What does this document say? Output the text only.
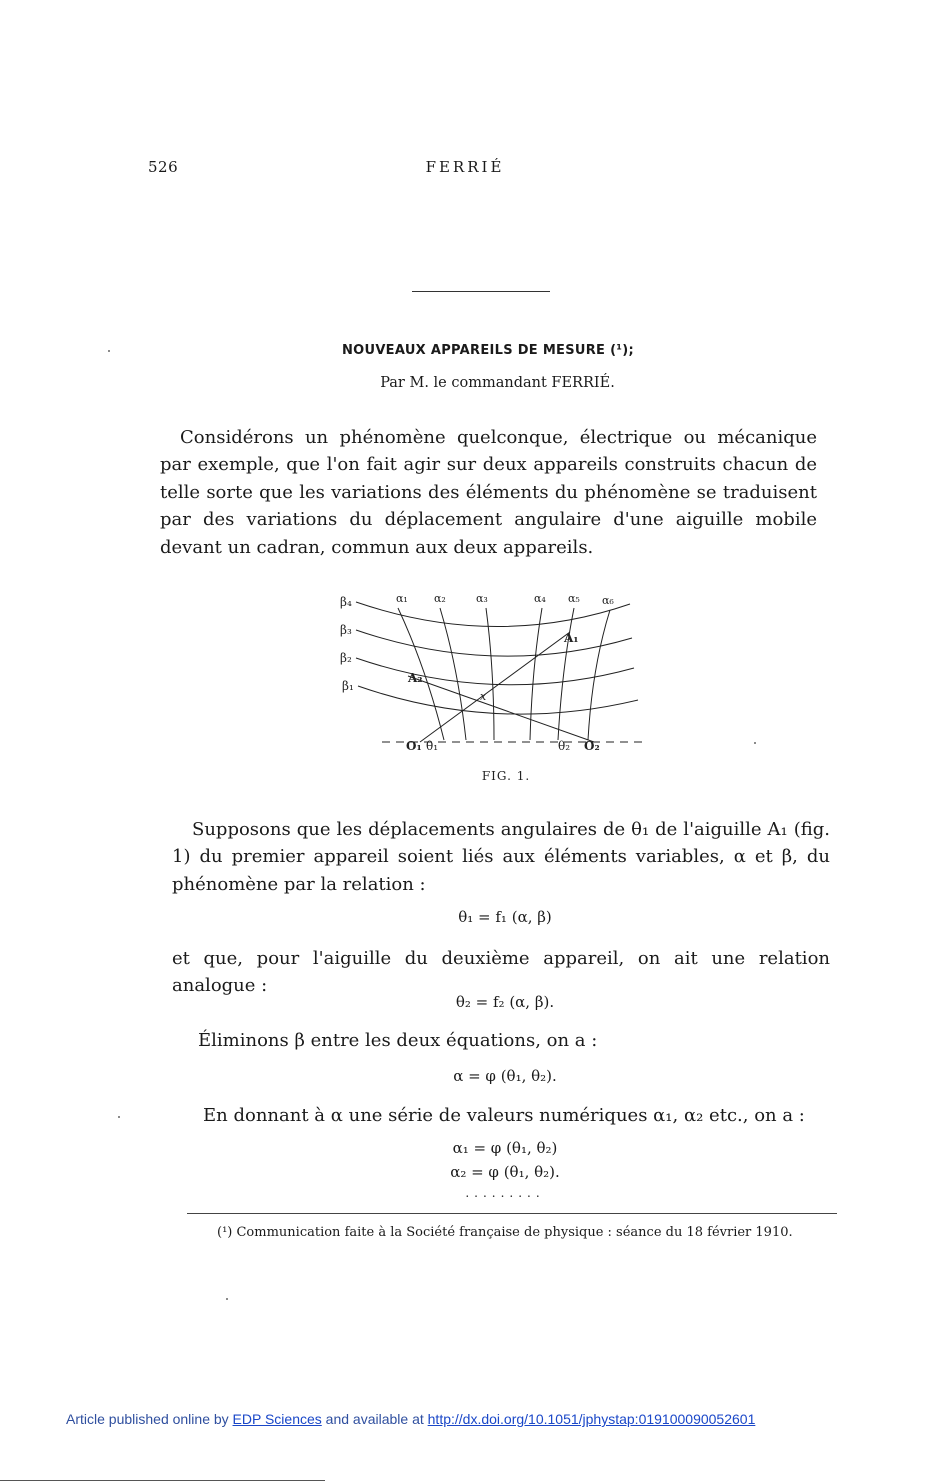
526	FERRIÉ
NOUVEAUX APPAREILS DE MESURE (¹);
Par M. le commandant FERRIÉ.

Considérons un phénomène quelconque, électrique ou mécanique par exemple, que l'on fait agir sur deux appareils construits chacun de telle sorte que les variations des éléments du phénomène se traduisent par des variations du déplacement angulaire d'une aiguille mobile devant un cadran, commun aux deux appareils.

β₄
β₃
β₂
β₁
α₁ α₂	α₃	α₄ α₅ α₆
A₁
A₂
x
O₁ θ₁	θ₂ O₂
FIG. 1.

Supposons que les déplacements angulaires de θ₁ de l'aiguille A₁ (fig. 1) du premier appareil soient liés aux éléments variables, α et β, du phénomène par la relation :

θ₁ = f₁ (α, β)

et que, pour l'aiguille du deuxième appareil, on ait une relation analogue :

θ₂ = f₂ (α, β).

Éliminons β entre les deux équations, on a :

α = φ (θ₁, θ₂).

En donnant à α une série de valeurs numériques α₁, α₂ etc., on a :

α₁ = φ (θ₁, θ₂)
α₂ = φ (θ₁, θ₂).
.........
(¹) Communication faite à la Société française de physique : séance du 18 février 1910.
Article published online by EDP Sciences and available at http://dx.doi.org/10.1051/jphystap:019100090052601
